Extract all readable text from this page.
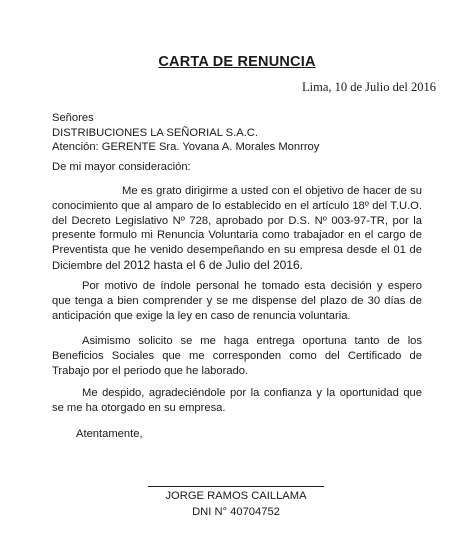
CARTA DE RENUNCIA
Lima, 10 de Julio del 2016
Señores
DISTRIBUCIONES LA SEÑORIAL S.A.C.
Atención: GERENTE Sra. Yovana A. Morales Monrroy
De mi mayor consideración:

Me es grato dirigirme a usted con el objetivo de hacer de su conocimiento que al amparo de lo establecido en el artículo 18º del T.U.O. del Decreto Legislativo Nº 728, aprobado por D.S. Nº 003-97-TR, por la presente formulo mi Renuncia Voluntaria como trabajador en el cargo de Preventista que he venido desempeñando en su empresa desde el 01 de Diciembre del 2012 hasta el 6 de Julio del 2016.

Por motivo de índole personal he tomado esta decisión y espero que tenga a bien comprender y se me dispense del plazo de 30 días de anticipación que exige la ley en caso de renuncia voluntaria.

Asimismo solicito se me haga entrega oportuna tanto de los Beneficios Sociales que me corresponden como del Certificado de Trabajo por el periodo que he laborado.

Me despido, agradeciéndole por la confianza y la oportunidad que se me ha otorgado en su empresa.

Atentamente,
JORGE RAMOS CAILLAMA
DNI N° 40704752
